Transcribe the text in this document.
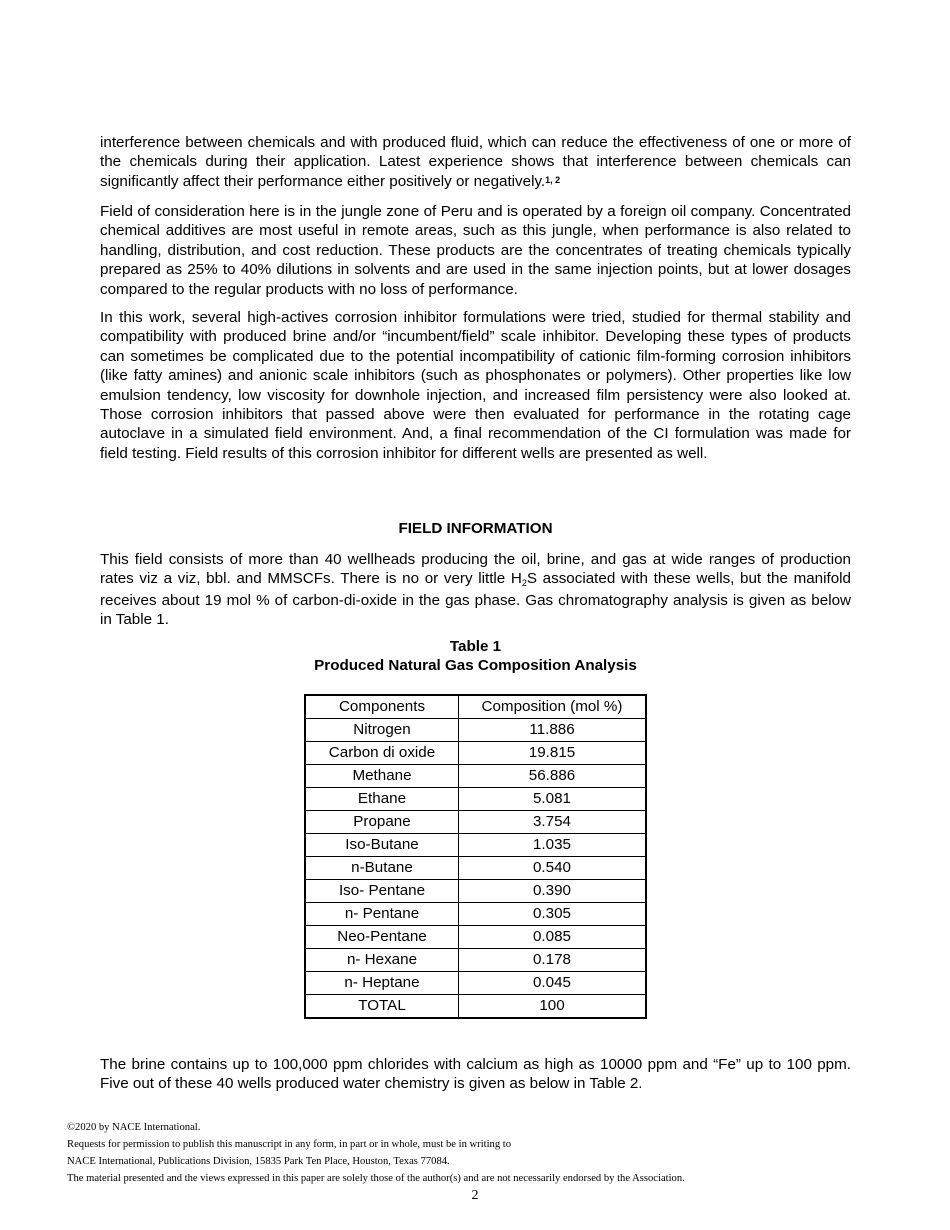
interference between chemicals and with produced fluid, which can reduce the effectiveness of one or more of the chemicals during their application. Latest experience shows that interference between chemicals can significantly affect their performance either positively or negatively.$^{1, 2}$

Field of consideration here is in the jungle zone of Peru and is operated by a foreign oil company. Concentrated chemical additives are most useful in remote areas, such as this jungle, when performance is also related to handling, distribution, and cost reduction. These products are the concentrates of treating chemicals typically prepared as 25% to 40% dilutions in solvents and are used in the same injection points, but at lower dosages compared to the regular products with no loss of performance.

In this work, several high-actives corrosion inhibitor formulations were tried, studied for thermal stability and compatibility with produced brine and/or “incumbent/field” scale inhibitor. Developing these types of products can sometimes be complicated due to the potential incompatibility of cationic film-forming corrosion inhibitors (like fatty amines) and anionic scale inhibitors (such as phosphonates or polymers). Other properties like low emulsion tendency, low viscosity for downhole injection, and increased film persistency were also looked at. Those corrosion inhibitors that passed above were then evaluated for performance in the rotating cage autoclave in a simulated field environment. And, a final recommendation of the CI formulation was made for field testing. Field results of this corrosion inhibitor for different wells are presented as well.

FIELD INFORMATION

This field consists of more than 40 wellheads producing the oil, brine, and gas at wide ranges of production rates viz a viz, bbl. and MMSCFs. There is no or very little $H_2S$ associated with these wells, but the manifold receives about 19 mol % of carbon-di-oxide in the gas phase. Gas chromatography analysis is given as below in Table 1.

Table 1
Produced Natural Gas Composition Analysis
Components	Composition (mol %)
Nitrogen	11.886
Carbon di oxide	19.815
Methane	56.886
Ethane	5.081
Propane	3.754
Iso-Butane	1.035
n-Butane	0.540
Iso- Pentane	0.390
n- Pentane	0.305
Neo-Pentane	0.085
n- Hexane	0.178
n- Heptane	0.045
TOTAL	100

The brine contains up to 100,000 ppm chlorides with calcium as high as 10000 ppm and “Fe” up to 100 ppm. Five out of these 40 wells produced water chemistry is given as below in Table 2.

©2020 by NACE International.
Requests for permission to publish this manuscript in any form, in part or in whole, must be in writing to
NACE International, Publications Division, 15835 Park Ten Place, Houston, Texas 77084.
The material presented and the views expressed in this paper are solely those of the author(s) and are not necessarily endorsed by the Association.
2
